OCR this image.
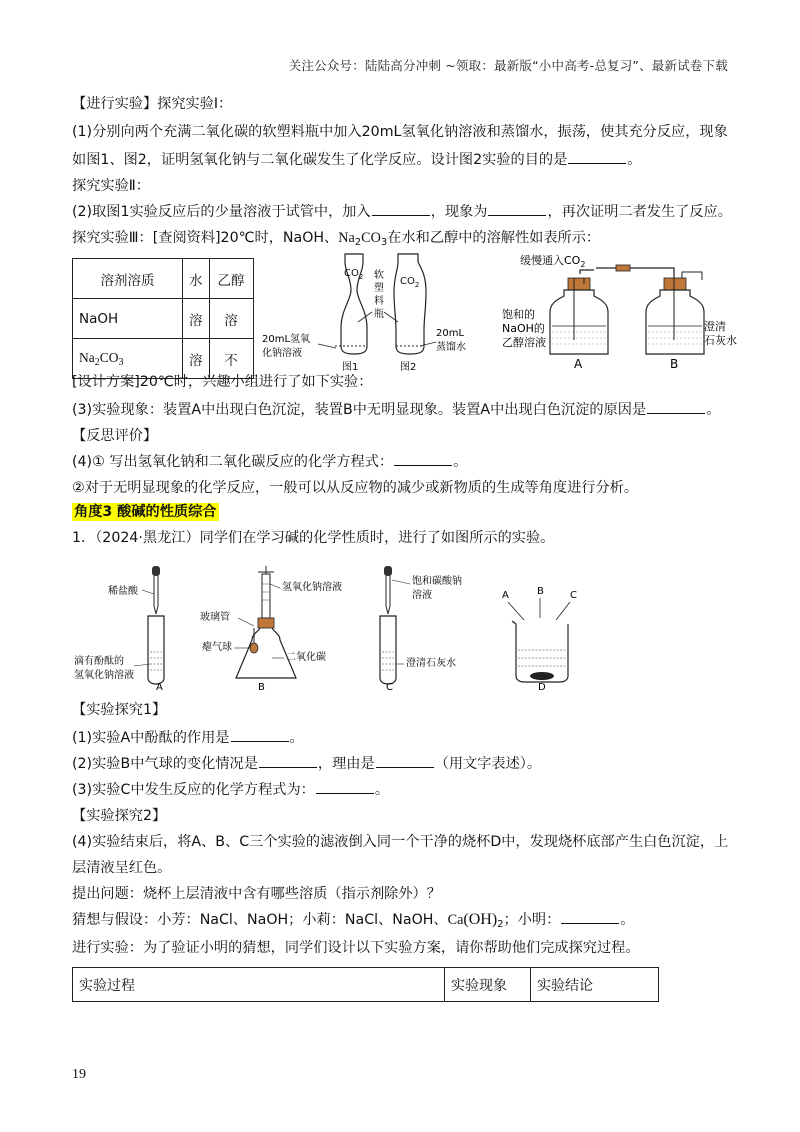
关注公众号：陆陆高分冲刺 ~领取：最新版“小中高考-总复习”、最新试卷下载
【进行实验】探究实验Ⅰ：
(1)分别向两个充满二氧化碳的软塑料瓶中加入20mL氢氧化钠溶液和蒸馏水，振荡，使其充分反应，现象
如图1、图2，证明氢氧化钠与二氧化碳发生了化学反应。设计图2实验的目的是	。
探究实验Ⅱ：
(2)取图1实验反应后的少量溶液于试管中，加入	，现象为	，再次证明二者发生了反应。
探究实验Ⅲ：[查阅资料]20℃时，NaOH、$Na_2CO_3$在水和乙醇中的溶解性如表所示：
溶剂溶质	水	乙醇
NaOH	溶	溶
$Na_2CO_3$	溶	不
$CO_2$	$CO_2$
软
塑
料
瓶
20mL氢氧
化钠溶液
20mL
蒸馏水
图1	图2
缓慢通入$CO_2$
饱和的
NaOH的
乙醇溶液
澄清
石灰水
A	B
[设计方案]20℃时，兴趣小组进行了如下实验：
(3)实验现象：装置A中出现白色沉淀，装置B中无明显现象。装置A中出现白色沉淀的原因是	。
【反思评价】
(4)① 写出氢氧化钠和二氧化碳反应的化学方程式：	。
②对于无明显现象的化学反应，一般可以从反应物的减少或新物质的生成等角度进行分析。
角度3 酸碱的性质综合
1．（2024·黑龙江）同学们在学习碱的化学性质时，进行了如图所示的实验。
稀盐酸
滴有酚酞的
氢氧化钠溶液
A
玻璃管
瘪气球
氢氧化钠溶液
二氧化碳
B
饱和碳酸钠
溶液
澄清石灰水
C
A	B	C
D
【实验探究1】
(1)实验A中酚酞的作用是	。
(2)实验B中气球的变化情况是	，理由是	（用文字表述）。
(3)实验C中发生反应的化学方程式为：	。
【实验探究2】
(4)实验结束后，将A、B、C三个实验的滤液倒入同一个干净的烧杯D中，发现烧杯底部产生白色沉淀，上
层清液呈红色。
提出问题：烧杯上层清液中含有哪些溶质（指示剂除外）？
猜想与假设：小芳：NaCl、NaOH；小莉：NaCl、NaOH、$Ca(OH)_2$；小明：	。
进行实验：为了验证小明的猜想，同学们设计以下实验方案，请你帮助他们完成探究过程。
实验过程	实验现象	实验结论
19
